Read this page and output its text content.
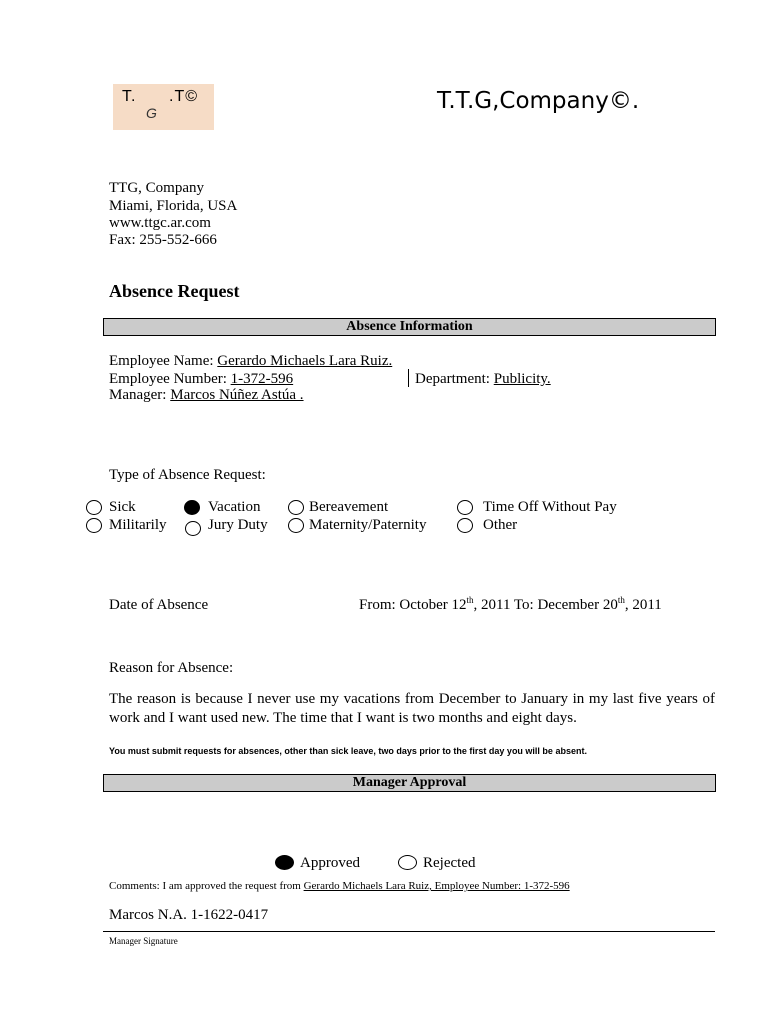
T.
G
.T©	T.T.G,Company©.
TTG, Company
Miami, Florida, USA
www.ttgc.ar.com
Fax: 255-552-666
Absence Request
Absence Information
Employee Name: Gerardo Michaels Lara Ruiz.
Employee Number: 1-372-596	Department: Publicity.
Manager: Marcos Núñez Astúa .
Type of Absence Request:
Sick	Vacation	Bereavement	Time Off Without Pay
Militarily	Jury Duty	Maternity/Paternity	Other
Date of Absence	From: October 12th, 2011 To: December 20th, 2011
Reason for Absence:
The reason is because I never use my vacations from December to January in my last five years of work and I want used new. The time that I want is two months and eight days.
You must submit requests for absences, other than sick leave, two days prior to the first day you will be absent.
Manager Approval
Approved	Rejected
Comments: I am approved the request from Gerardo Michaels Lara Ruiz, Employee Number: 1-372-596
Marcos N.A. 1-1622-0417
Manager Signature
